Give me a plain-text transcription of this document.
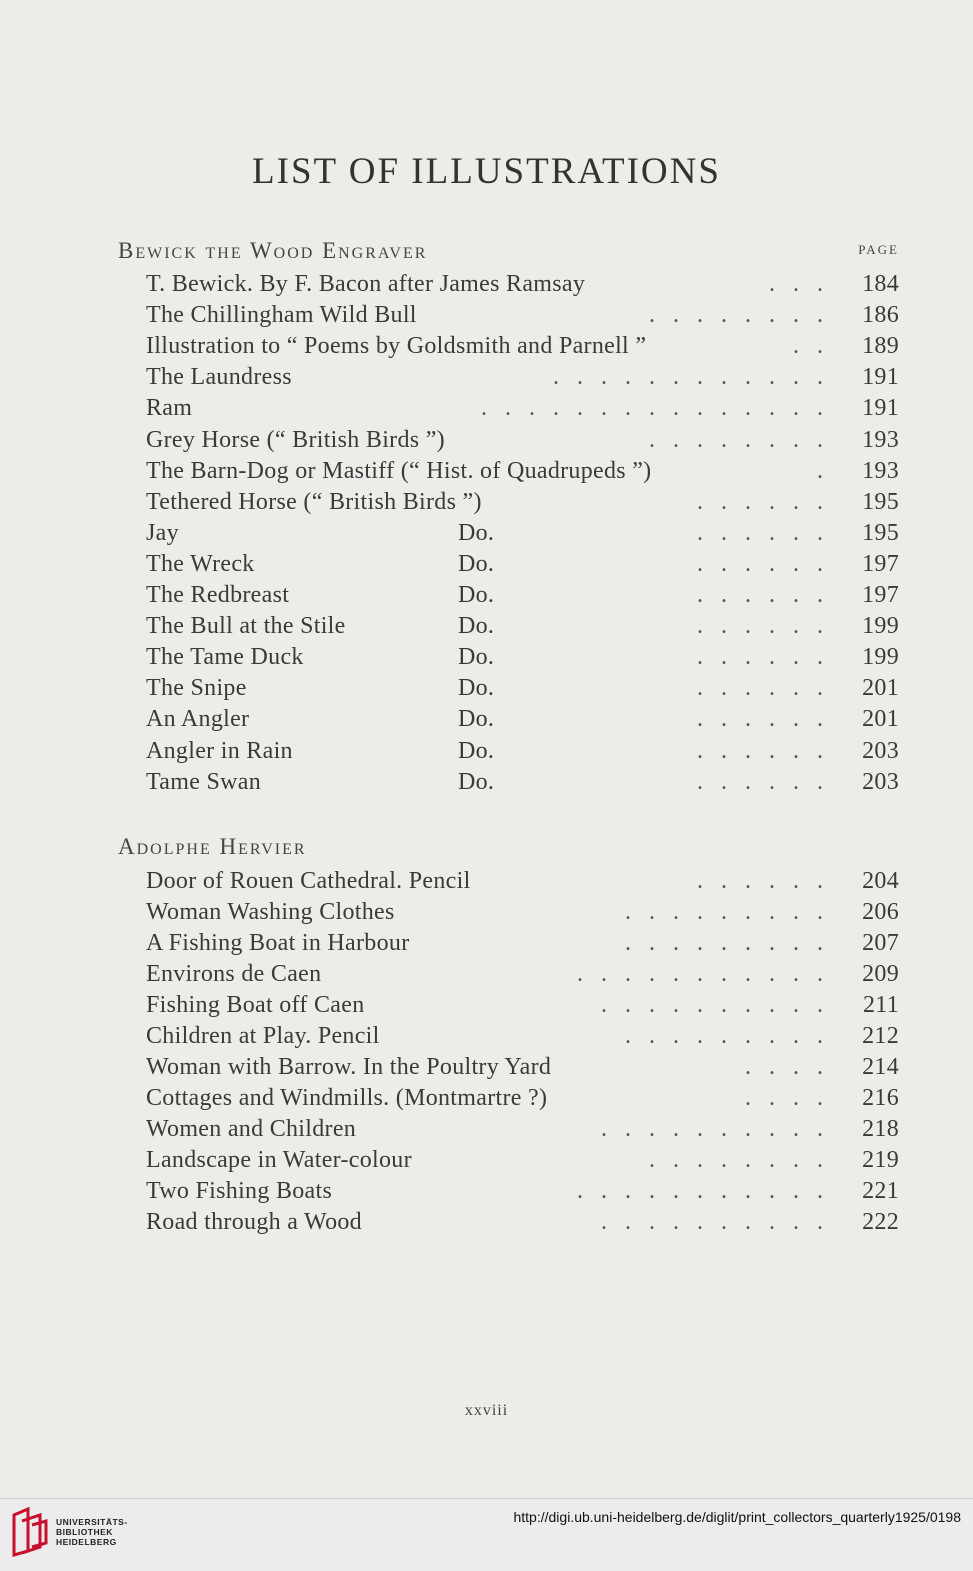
LIST OF ILLUSTRATIONS
page
Bewick the Wood Engraver
T. Bewick. By F. Bacon after James Ramsay	. . . 184
The Chillingham Wild Bull	. . . . . . . . 186
Illustration to “ Poems by Goldsmith and Parnell ”	. . 189
The Laundress	. . . . . . . . . . . . 191
Ram	. . . . . . . . . . . . . . . 191
Grey Horse (“ British Birds ”)	. . . . . . . . 193
The Barn-Dog or Mastiff (“ Hist. of Quadrupeds ”)	. 193
Tethered Horse (“ British Birds ”)	. . . . . . 195
Jay	Do.	. . . . . . 195
The Wreck	Do.	. . . . . . 197
The Redbreast	Do.	. . . . . . 197
The Bull at the Stile	Do.	. . . . . . 199
The Tame Duck	Do.	. . . . . . 199
The Snipe	Do.	. . . . . . 201
An Angler	Do.	. . . . . . 201
Angler in Rain	Do.	. . . . . . 203
Tame Swan	Do.	. . . . . . 203
Adolphe Hervier
Door of Rouen Cathedral. Pencil	. . . . . . 204
Woman Washing Clothes	. . . . . . . . . 206
A Fishing Boat in Harbour	. . . . . . . . . 207
Environs de Caen	. . . . . . . . . . . 209
Fishing Boat off Caen	. . . . . . . . . . 211
Children at Play. Pencil	. . . . . . . . . 212
Woman with Barrow. In the Poultry Yard	. . . . 214
Cottages and Windmills. (Montmartre ?)	. . . . 216
Women and Children	. . . . . . . . . . 218
Landscape in Water-colour	. . . . . . . . 219
Two Fishing Boats	. . . . . . . . . . . 221
Road through a Wood	. . . . . . . . . . 222
xxviii
UNIVERSITÄTS-
BIBLIOTHEK
HEIDELBERG
http://digi.ub.uni-heidelberg.de/diglit/print_collectors_quarterly1925/0198
